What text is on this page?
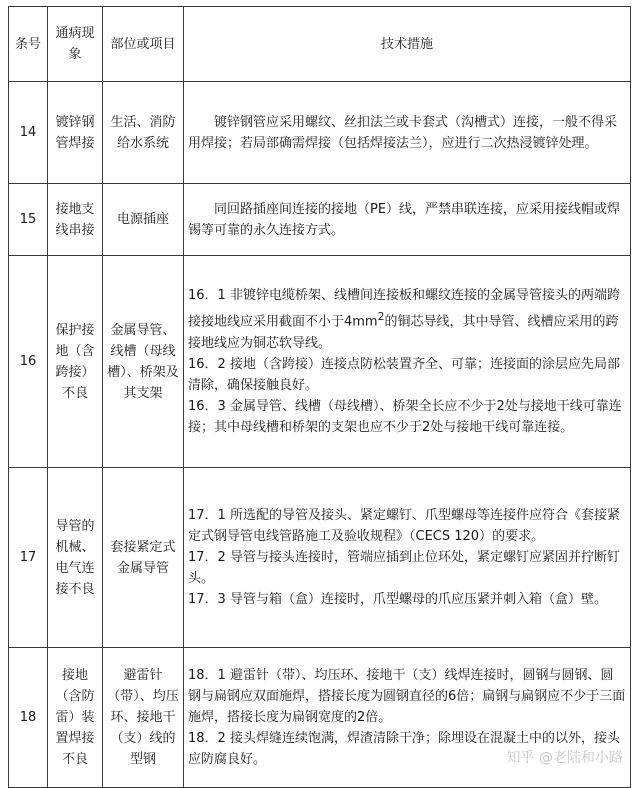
条号	通病现象	部位或项目	技术措施
14	镀锌钢管焊接	生活、消防给水系统	镀锌钢管应采用螺纹、丝扣法兰或卡套式（沟槽式）连接，一般不得采用焊接；若局部确需焊接（包括焊接法兰），应进行二次热浸镀锌处理。

15	接地支线串接	电源插座	同回路插座间连接的接地（PE）线，严禁串联连接，应采用接线帽或焊锡等可靠的永久连接方式。

16	保护接地（含跨接）不良	金属导管、线槽（母线槽）、桥架及其支架	16．1 非镀锌电缆桥架、线槽间连接板和螺纹连接的金属导管接头的两端跨接接地线应采用截面不小于$4mm^2$的铜芯导线，其中导管、线槽应采用的跨接地线应为铜芯软导线。

16．2 接地（含跨接）连接点防松装置齐全、可靠；连接面的涂层应先局部清除，确保接触良好。

16．3 金属导管、线槽（母线槽）、桥架全长应不少于2处与接地干线可靠连接；其中母线槽和桥架的支架也应不少于2处与接地干线可靠连接。

17	导管的机械、电气连接不良	套接紧定式金属导管	17．1 所选配的导管及接头、紧定螺钉、爪型螺母等连接件应符合《套接紧定式钢导管电线管路施工及验收规程》（CECS 120）的要求。

17．2 导管与接头连接时，管端应插到止位环处，紧定螺钉应紧固并拧断钉头。

17．3 导管与箱（盒）连接时，爪型螺母的爪应压紧并刺入箱（盒）壁。

18	接地（含防雷）装置焊接不良	避雷针（带）、均压环、接地干（支）线的型钢	18．1 避雷针（带）、均压环、接地干（支）线焊连接时，圆钢与圆钢、圆钢与扁钢应双面施焊，搭接长度为圆钢直径的6倍；扁钢与扁钢应不少于三面施焊，搭接长度为扁钢宽度的2倍。

18．2 接头焊缝连续饱满，焊渣清除干净；除埋设在混凝土中的以外，接头应防腐良好。	知乎 @老陆和小路
